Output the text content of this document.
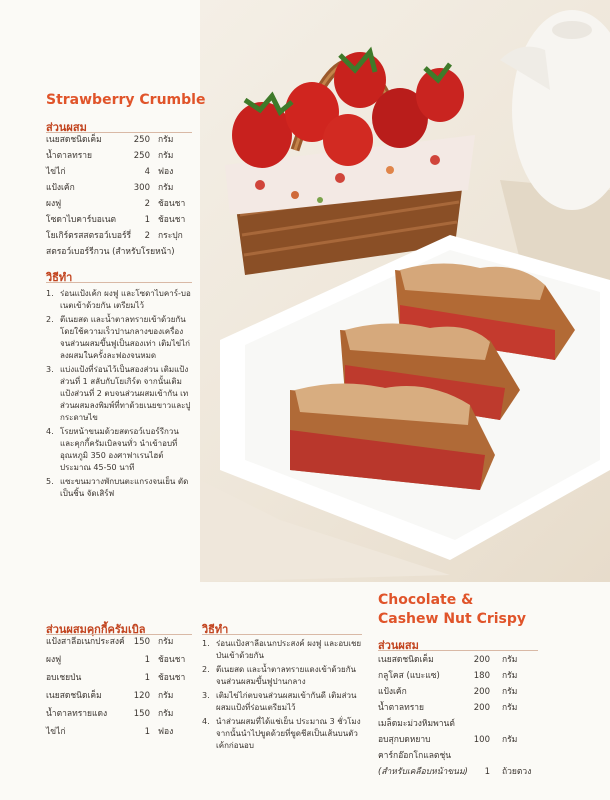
Strawberry Crumble
ส่วนผสม
เนยสดชนิดเค็ม	250 กรัม
น้ำตาลทราย	250 กรัม
ไข่ไก่	4 ฟอง
แป้งเค้ก	300 กรัม
ผงฟู	2 ช้อนชา
โซดาไบคาร์บอเนต	1 ช้อนชา
โยเกิร์ตรสสตรอว์เบอร์รี่	2 กระปุก
สตรอว์เบอร์รีกวน (สำหรับโรยหน้า)
วิธีทำ
1. ร่อนแป้งเค้ก ผงฟู และโซดาไบคาร์-บอเนตเข้าด้วยกัน เตรียมไว้
2. ตีเนยสด และน้ำตาลทรายเข้าด้วยกัน โดยใช้ความเร็วปานกลางของเครื่อง จนส่วนผสมขึ้นฟูเป็นสองเท่า เติมไข่ไก่ลงผสมในครั้งละฟองจนหมด
3. แบ่งแป้งที่ร่อนไว้เป็นสองส่วน เติมแป้งส่วนที่ 1 สลับกับโยเกิร์ต จากนั้นเติมแป้งส่วนที่ 2 ตบจนส่วนผสมเข้ากัน เทส่วนผสมลงพิมพ์ที่ทาด้วยเนยขาวและปูกระดาษไข
4. โรยหน้าขนมด้วยสตรอว์เบอร์รีกวน และคุกกี้ครัมเบิลจนทั่ว นำเข้าอบที่อุณหภูมิ 350 องศาฟาเรนไฮต์ ประมาณ 45-50 นาที
5. แซะขนมวางพักบนตะแกรงจนเย็น ตัดเป็นชิ้น จัดเสิร์ฟ
ส่วนผสมคุกกี้ครัมเบิล
แป้งสาลีอเนกประสงค์	150 กรัม
ผงฟู	1 ช้อนชา
อบเชยป่น	1 ช้อนชา
เนยสดชนิดเค็ม	120 กรัม
น้ำตาลทรายแดง	150 กรัม
ไข่ไก่	1 ฟอง
วิธีทำ
1. ร่อนแป้งสาลีอเนกประสงค์ ผงฟู และอบเชยป่นเข้าด้วยกัน
2. ตีเนยสด และน้ำตาลทรายแดงเข้าด้วยกัน จนส่วนผสมขึ้นฟูปานกลาง
3. เติมไข่ไก่ตบจนส่วนผสมเข้ากันดี เติมส่วนผสมแป้งที่ร่อนเตรียมไว้
4. นำส่วนผสมที่ได้แช่เย็น ประมาณ 3 ชั่วโมง จากนั้นนำไปขูดด้วยที่ขูดชีสเป็นเส้นบนตัวเค้กก่อนอบ
Chocolate &
Cashew Nut Crispy
ส่วนผสม
เนยสดชนิดเค็ม	200 กรัม
กลูโคส (แบะแซ)	180 กรัม
แป้งเค้ก	200 กรัม
น้ำตาลทราย	200 กรัม
เมล็ดมะม่วงหิมพานต์
อบสุกบดหยาบ	100 กรัม
คาร์กอ๊อกโกแลตชุ่น
(สำหรับเคลือบหน้าขนม)	1 ถ้วยตวง
